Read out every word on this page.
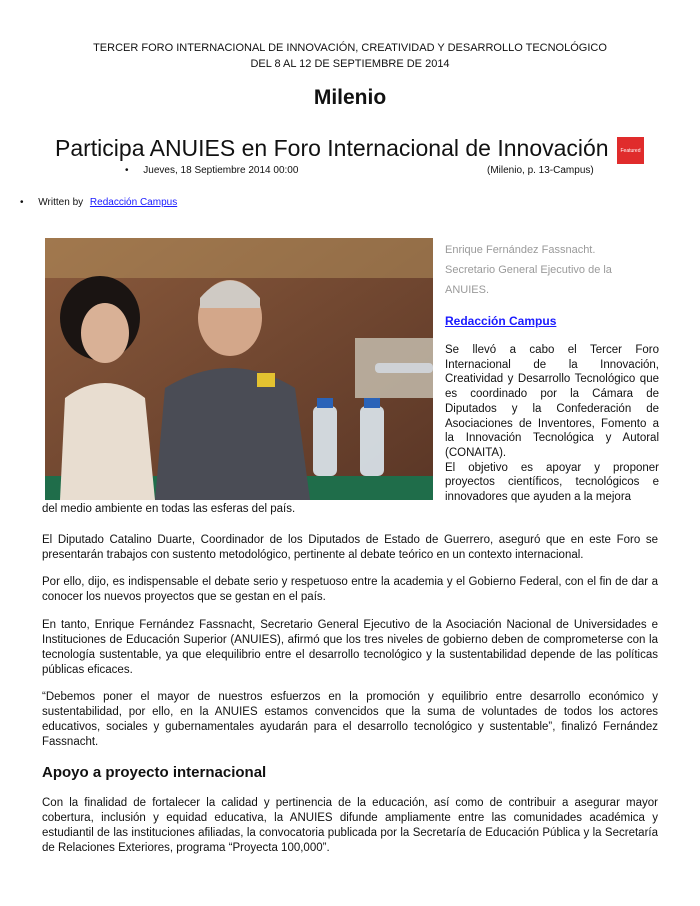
TERCER FORO INTERNACIONAL DE INNOVACIÓN, CREATIVIDAD Y DESARROLLO TECNOLÓGICO
DEL 8 AL 12 DE SEPTIEMBRE DE 2014
Milenio
Participa ANUIES en Foro Internacional de Innovación Featured
• Jueves, 18 Septiembre 2014 00:00	(Milenio, p. 13-Campus)
• Written by Redacción Campus
Enrique Fernández Fassnacht.
Secretario General Ejecutivo de la
ANUIES.
Redacción Campus

Se llevó a cabo el Tercer Foro Internacional de la Innovación, Creatividad y Desarrollo Tecnológico que es coordinado por la Cámara de Diputados y la Confederación de Asociaciones de Inventores, Fomento a la Innovación Tecnológica y Autoral (CONAITA).

El objetivo es apoyar y proponer proyectos científicos, tecnológicos e innovadores que ayuden a la mejora

del medio ambiente en todas las esferas del país.

El Diputado Catalino Duarte, Coordinador de los Diputados de Estado de Guerrero, aseguró que en este Foro se presentarán trabajos con sustento metodológico, pertinente al debate teórico en un contexto internacional.

Por ello, dijo, es indispensable el debate serio y respetuoso entre la academia y el Gobierno Federal, con el fin de dar a conocer los nuevos proyectos que se gestan en el país.

En tanto, Enrique Fernández Fassnacht, Secretario General Ejecutivo de la Asociación Nacional de Universidades e Instituciones de Educación Superior (ANUIES), afirmó que los tres niveles de gobierno deben de comprometerse con la tecnología sustentable, ya que elequilibrio entre el desarrollo tecnológico y la sustentabilidad depende de las políticas públicas eficaces.

“Debemos poner el mayor de nuestros esfuerzos en la promoción y equilibrio entre desarrollo económico y sustentabilidad, por ello, en la ANUIES estamos convencidos que la suma de voluntades de todos los actores educativos, sociales y gubernamentales ayudarán para el desarrollo tecnológico y sustentable”, finalizó Fernández Fassnacht.

Apoyo a proyecto internacional

Con la finalidad de fortalecer la calidad y pertinencia de la educación, así como de contribuir a asegurar mayor cobertura, inclusión y equidad educativa, la ANUIES difunde ampliamente entre las comunidades académica y estudiantil de las instituciones afiliadas, la convocatoria publicada por la Secretaría de Educación Pública y la Secretaría de Relaciones Exteriores, programa “Proyecta 100,000”.
